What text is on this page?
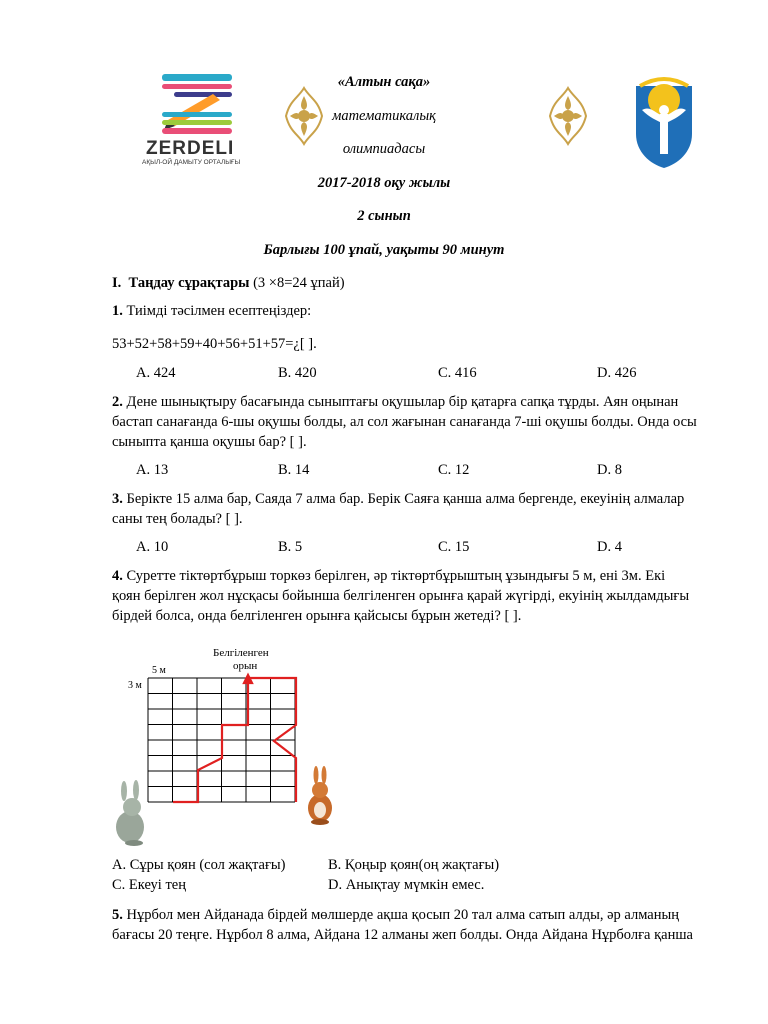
ZERDELI
АҚЫЛ-ОЙ ДАМЫТУ ОРТАЛЫҒЫ
«Алтын сақа»
математикалық
олимпиадасы
2017-2018 оқу жылы
2 сынып
Барлығы 100 ұпай, уақыты 90 минут
I. Таңдау сұрақтары (3 ×8=24 ұпай)
1. Тиімді тәсілмен есептеңіздер:
53+52+58+59+40+56+51+57=¿[ ].
A. 424	B. 420	C. 416	D. 426
2. Дене шынықтыру басағында сыныптағы оқушылар бір қатарға сапқа тұрды. Аян оңынан
бастап санағанда 6-шы оқушы болды, ал сол жағынан санағанда 7-ші оқушы болды. Онда осы
сыныпта қанша оқушы бар? [ ].
A. 13	B. 14	C. 12	D. 8
3. Берікте 15 алма бар, Саяда 7 алма бар. Берік Саяға қанша алма бергенде, екеуінің алмалар
саны тең болады? [ ].
A. 10	B. 5	C. 15	D. 4
4. Суретте тіктөртбұрыш торкөз берілген, әр тіктөртбұрыштың ұзындығы 5 м, ені 3м. Екі
қоян берілген жол нұсқасы бойынша белгіленген орынға қарай жүгірді, екуінің жылдамдығы
бірдей болса, онда белгіленген орынға қайсысы бұрын жетеді? [ ].
Белгіленген
орын
5 м
3 м
A. Сұры қоян (сол жақтағы)	B. Қоңыр қоян(оң жақтағы)
C. Екеуі тең	D. Анықтау мүмкін емес.
5. Нұрбол мен Айданада бірдей мөлшерде ақша қосып 20 тал алма сатып алды, әр алманың
бағасы 20 теңге. Нұрбол 8 алма, Айдана 12 алманы жеп болды. Онда Айдана Нұрболға қанша
